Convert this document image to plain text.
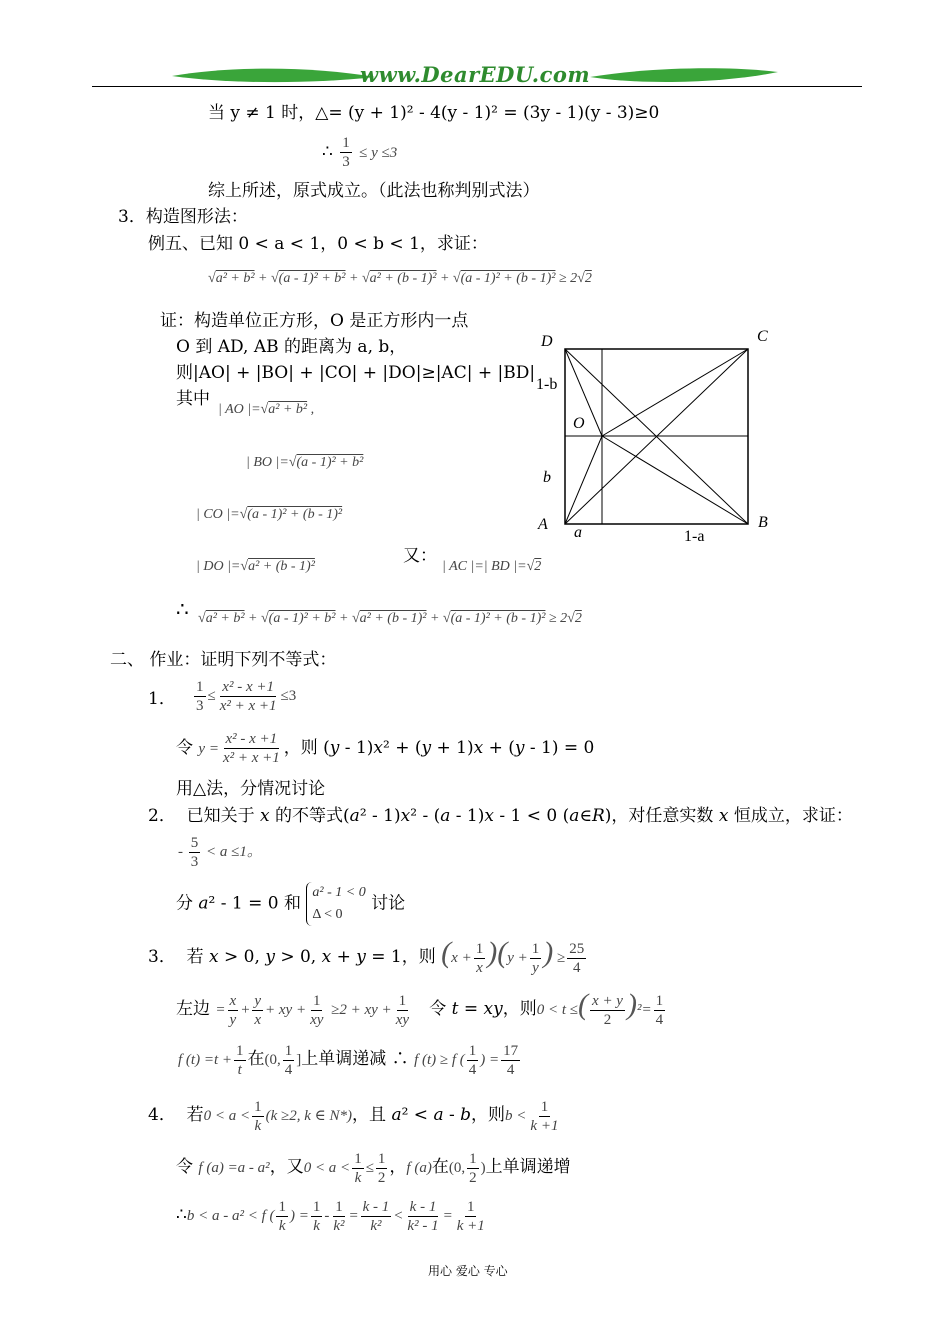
www.DearEDU.com
当 y ≠ 1 时，△= (y + 1)² - 4(y - 1)² = (3y - 1)(y - 3)≥0
∴ $\frac{1}{3} \le y \le 3$
综上所述，原式成立。（此法也称判别式法）
3．构造图形法：
例五、已知 0 < a < 1，0 < b < 1，求证：
√a² + b² + √(a - 1)² + b² + √a² + (b - 1)² + √(a - 1)² + (b - 1)² ≥ 2√2
证：构造单位正方形，O 是正方形内一点
O 到 AD, AB 的距离为 a, b，
则|AO| + |BO| + |CO| + |DO|≥|AC| + |BD|
其中
| AO |=√a² + b² ,
| BO |=√(a - 1)² + b²
| CO |=√(a - 1)² + (b - 1)²
| DO |=√a² + (b - 1)²
又：
| AC |=| BD |=√2
D	C
A	B
O
1-b
b
a	1-a
∴ √a² + b² + √(a - 1)² + b² + √a² + (b - 1)² + √(a - 1)² + (b - 1)² ≥ 2√2
二、 作业：证明下列不等式：
1． $\frac{1}{3} \le \frac{\text{x² - x +1}}{\text{x² + x +1}} \le 3$
令 $y = \frac{\text{x² - x +1}}{\text{x² + x +1}}$ ，则 (y - 1)x² + (y + 1)x + (y - 1) = 0
用△法，分情况讨论
2．  已知关于 x 的不等式(a² - 1)x² - (a - 1)x - 1 < 0 (a∈R)，对任意实数 x 恒成立，求证：
- $\frac{5}{3} < a \le 1$。
分 a² - 1 = 0 和 a² - 1 < 0
Δ < 0 讨论
3．  若 x > 0, y > 0, x + y = 1，则 $(x + \frac{1}{x} )(y + \frac{1}{y}$ ) ≥ $\frac{25}{4}$
左边 = $\frac{x}{y} + \frac{y}{x}$ + xy + $\frac{1}{xy} \ge 2$ + xy + $\frac{1}{xy}$ 令 t = xy，则0 < t ≤( $\frac{x + y}{2} )^2= \frac{1}{4}$
f $(t) =t + \frac{1}{t}$ 在(0, $\frac{1}{4}$ ]上单调递减 ∴ f (t) ≥ f ( $\frac{1}{4}$ ) = $\frac{17}{4}$
4．  若$0 < a < \frac{1}{k} (k \ge 2$, k ∈ N*)，且 a² < a - b，则$b < \frac{1}{k +1}$
令 f (a) =a - a²，又$0 < a < \frac{1}{k} \le \frac{1}{2}$ ，f (a)在(0, $\frac{1}{2}$ )上单调递增
∴b < a - a² < f ( $\frac{1}{k}$ ) = $\frac{1}{k} - \frac{1}{\text{k²}} = \frac{k - 1}{\text{k²}} < \frac{k - 1}{\text{k² - 1}} = \frac{1}{k +1}$
用心 爱心 专心
